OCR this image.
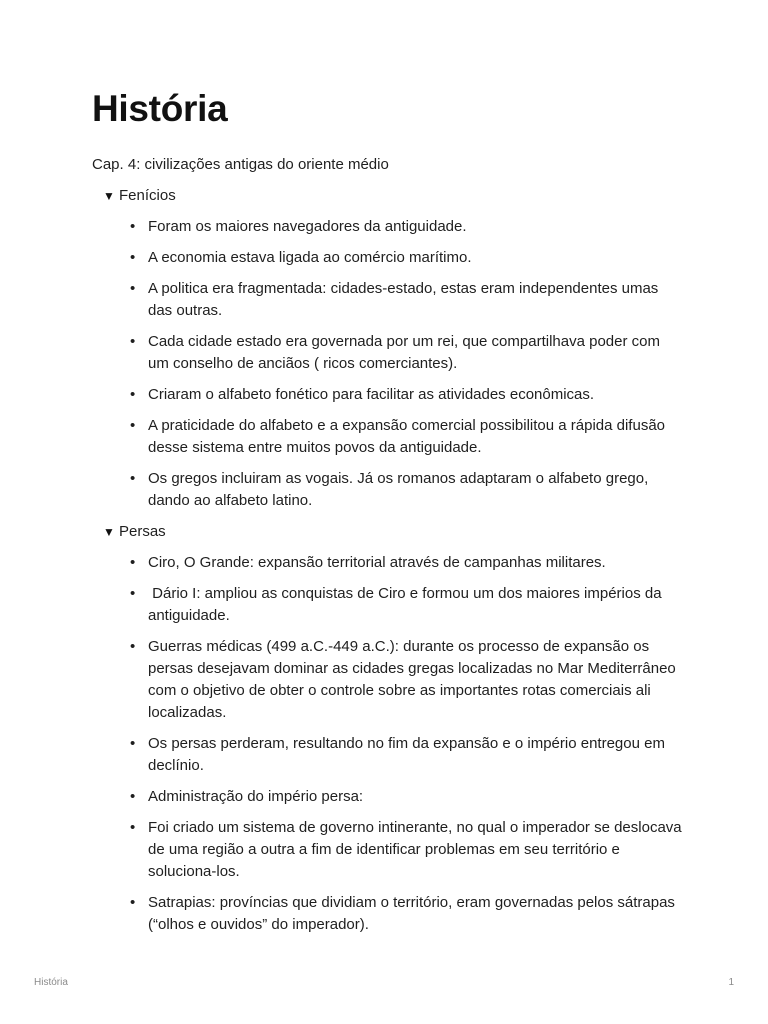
História
Cap. 4: civilizações antigas do oriente médio
▼ Fenícios
• Foram os maiores navegadores da antiguidade.
• A economia estava ligada ao comércio marítimo.
• A politica era fragmentada: cidades-estado, estas eram independentes umas das outras.
• Cada cidade estado era governada por um rei, que compartilhava poder com um conselho de anciãos ( ricos comerciantes).
• Criaram o alfabeto fonético para facilitar as atividades econômicas.
• A praticidade do alfabeto e a expansão comercial possibilitou a rápida difusão desse sistema entre muitos povos da antiguidade.
• Os gregos incluiram as vogais. Já os romanos adaptaram o alfabeto grego, dando ao alfabeto latino.
▼ Persas
• Ciro, O Grande: expansão territorial através de campanhas militares.
• Dário I: ampliou as conquistas de Ciro e formou um dos maiores impérios da antiguidade.
• Guerras médicas (499 a.C.-449 a.C.): durante os processo de expansão os persas desejavam dominar as cidades gregas localizadas no Mar Mediterrâneo com o objetivo de obter o controle sobre as importantes rotas comerciais ali localizadas.
• Os persas perderam, resultando no fim da expansão e o império entregou em declínio.
• Administração do império persa:
• Foi criado um sistema de governo intinerante, no qual o imperador se deslocava de uma região a outra a fim de identificar problemas em seu território e soluciona-los.
• Satrapias: províncias que dividiam o território, eram governadas pelos sátrapas (“olhos e ouvidos” do imperador).
História	1
